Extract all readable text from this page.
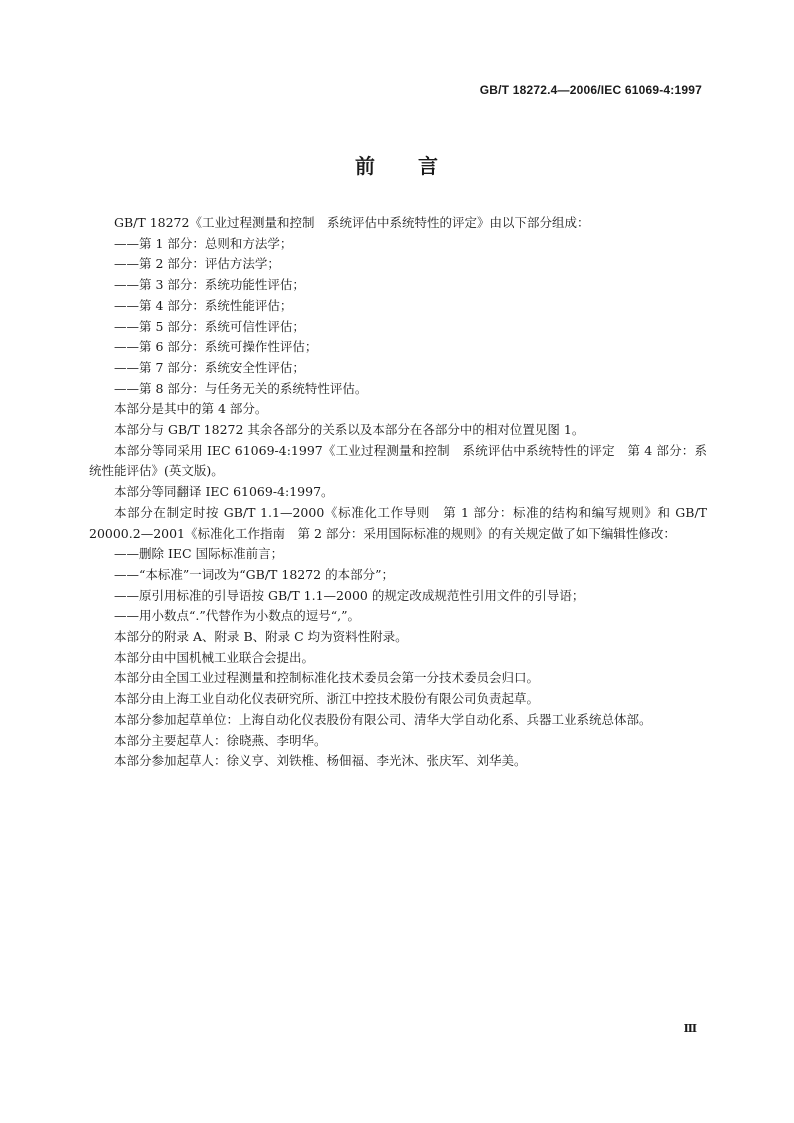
GB/T 18272.4—2006/IEC 61069-4:1997
前 言

GB/T 18272《工业过程测量和控制　系统评估中系统特性的评定》由以下部分组成：

——第 1 部分：总则和方法学；

——第 2 部分：评估方法学；

——第 3 部分：系统功能性评估；

——第 4 部分：系统性能评估；

——第 5 部分：系统可信性评估；

——第 6 部分：系统可操作性评估；

——第 7 部分：系统安全性评估；

——第 8 部分：与任务无关的系统特性评估。

本部分是其中的第 4 部分。

本部分与 GB/T 18272 其余各部分的关系以及本部分在各部分中的相对位置见图 1。

本部分等同采用 IEC 61069-4:1997《工业过程测量和控制　系统评估中系统特性的评定　第 4 部分：系统性能评估》(英文版)。

本部分等同翻译 IEC 61069-4:1997。

本部分在制定时按 GB/T 1.1—2000《标准化工作导则　第 1 部分：标准的结构和编写规则》和 GB/T 20000.2—2001《标准化工作指南　第 2 部分：采用国际标准的规则》的有关规定做了如下编辑性修改：

——删除 IEC 国际标准前言；

——“本标准”一词改为“GB/T 18272 的本部分”；

——原引用标准的引导语按 GB/T 1.1—2000 的规定改成规范性引用文件的引导语；

——用小数点“.”代替作为小数点的逗号“,”。

本部分的附录 A、附录 B、附录 C 均为资料性附录。

本部分由中国机械工业联合会提出。

本部分由全国工业过程测量和控制标准化技术委员会第一分技术委员会归口。

本部分由上海工业自动化仪表研究所、浙江中控技术股份有限公司负责起草。

本部分参加起草单位：上海自动化仪表股份有限公司、清华大学自动化系、兵器工业系统总体部。

本部分主要起草人：徐晓燕、李明华。

本部分参加起草人：徐义亨、刘铁椎、杨佃福、李光沐、张庆军、刘华美。

Ⅲ
